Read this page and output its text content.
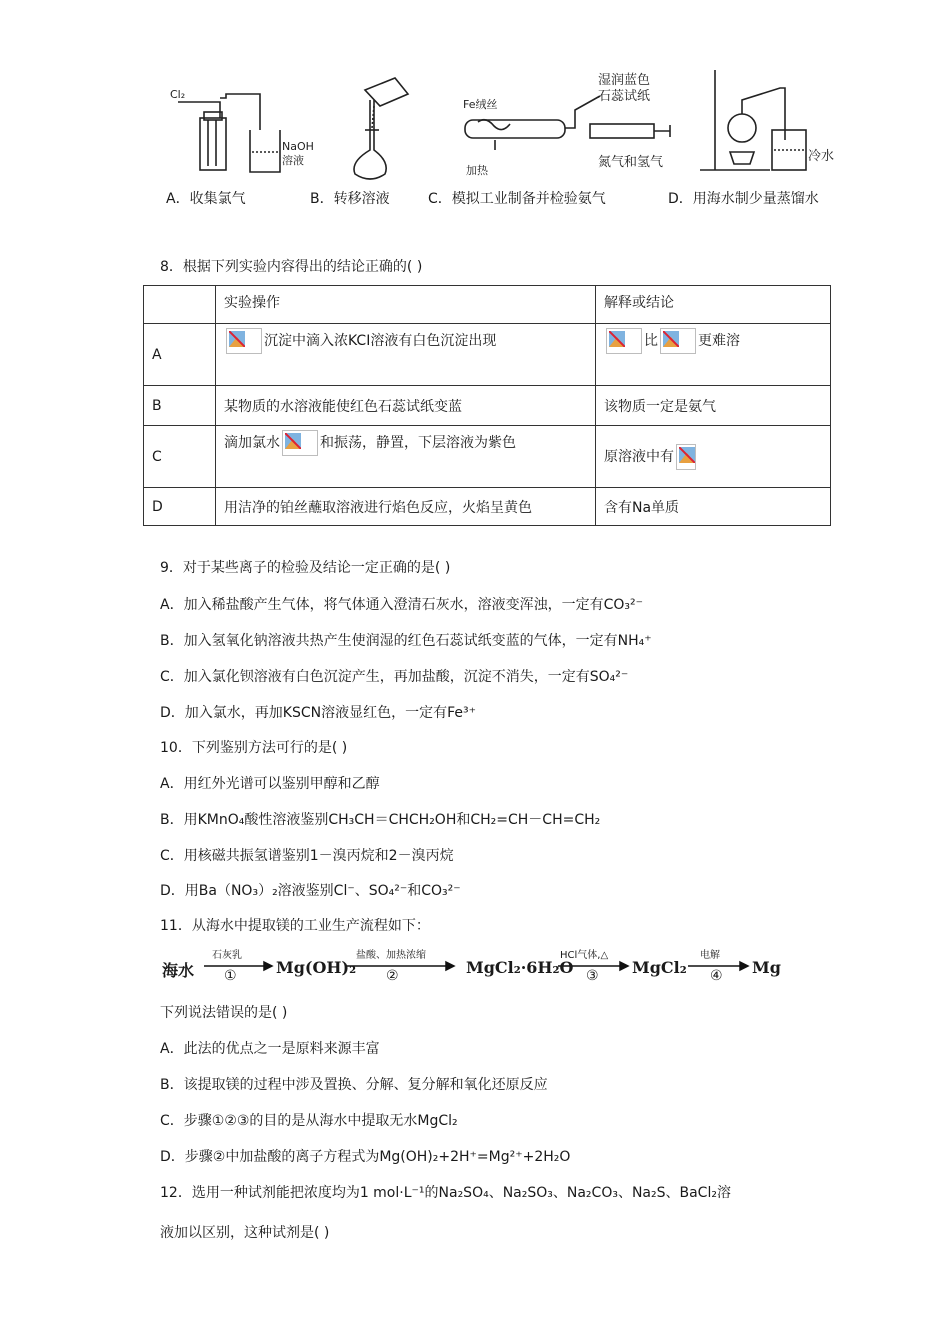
Cl₂
NaOH
溶液
Fe绒丝
加热
湿润蓝色
石蕊试纸
氮气和氢气	冷水
A．收集氯气	B．转移溶液	C．模拟工业制备并检验氨气	D．用海水制少量蒸馏水
8．根据下列实验内容得出的结论正确的( )
	实验操作	解释或结论
A	沉淀中滴入浓KCI溶液有白色沉淀出现	比 更难溶
B	某物质的水溶液能使红色石蕊试纸变蓝	该物质一定是氨气
C	滴加氯水 和振荡，静置，下层溶液为紫色	原溶液中有

D	用洁净的铂丝蘸取溶液进行焰色反应，火焰呈黄色	含有Na单质
9．对于某些离子的检验及结论一定正确的是( )
A．加入稀盐酸产生气体，将气体通入澄清石灰水，溶液变浑浊，一定有CO₃²⁻
B．加入氢氧化钠溶液共热产生使润湿的红色石蕊试纸变蓝的气体，一定有NH₄⁺
C．加入氯化钡溶液有白色沉淀产生，再加盐酸，沉淀不消失，一定有SO₄²⁻
D．加入氯水，再加KSCN溶液显红色，一定有Fe³⁺
10．下列鉴别方法可行的是( )
A．用红外光谱可以鉴别甲醇和乙醇
B．用KMnO₄酸性溶液鉴别CH₃CH＝CHCH₂OH和CH₂=CH－CH=CH₂
C．用核磁共振氢谱鉴别1－溴丙烷和2－溴丙烷
D．用Ba（NO₃）₂溶液鉴别Cl⁻、SO₄²⁻和CO₃²⁻
11．从海水中提取镁的工业生产流程如下：
海水	Mg(OH)₂	MgCl₂·6H₂O	MgCl₂	Mg
石灰乳	盐酸、加热浓缩	HCl气体,△	电解
①	②	③	④
下列说法错误的是( )
A．此法的优点之一是原料来源丰富
B．该提取镁的过程中涉及置换、分解、复分解和氧化还原反应
C．步骤①②③的目的是从海水中提取无水MgCl₂
D．步骤②中加盐酸的离子方程式为Mg(OH)₂+2H⁺=Mg²⁺+2H₂O
12．选用一种试剂能把浓度均为1 mol·L⁻¹的Na₂SO₄、Na₂SO₃、Na₂CO₃、Na₂S、BaCl₂溶
液加以区别，这种试剂是( )
